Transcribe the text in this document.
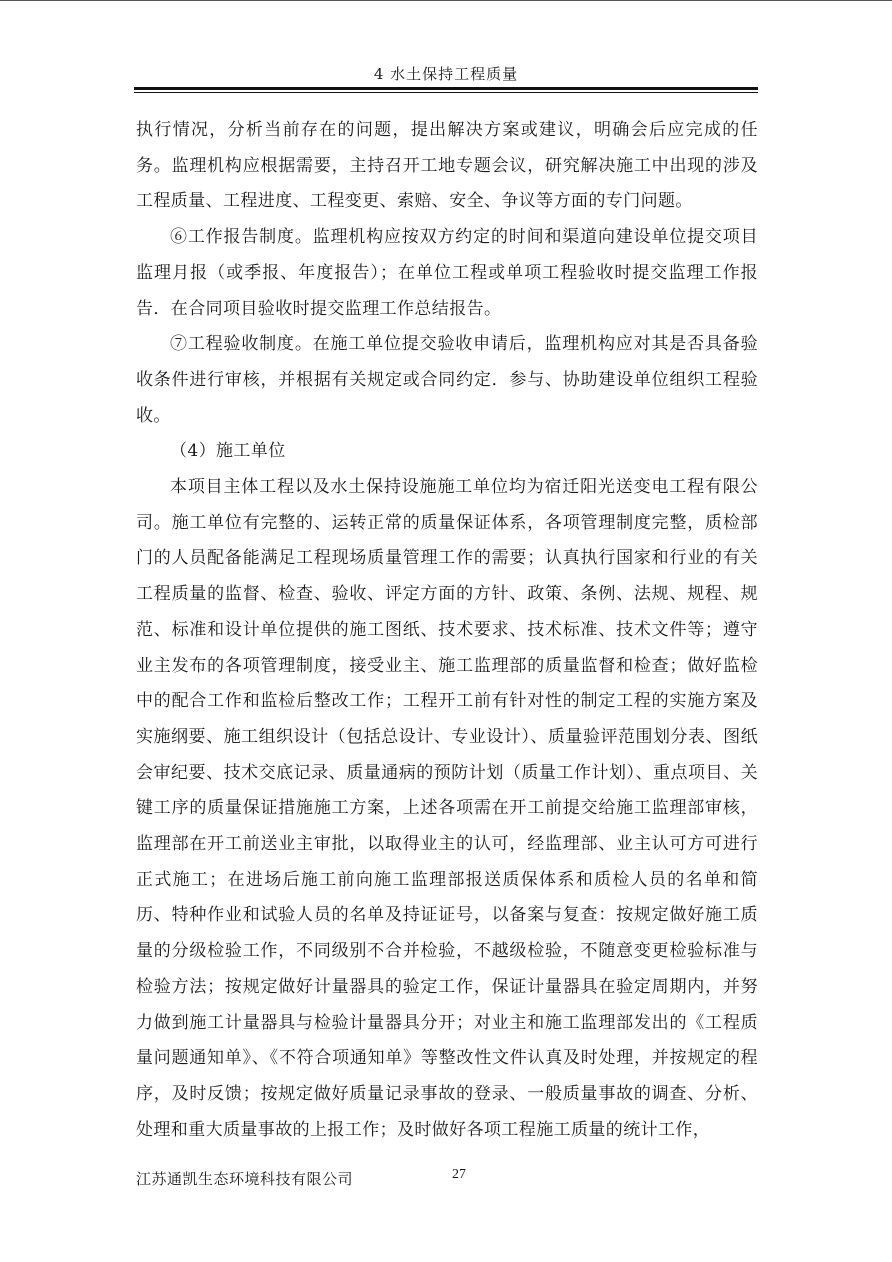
4 水土保持工程质量

执行情况，分析当前存在的问题，提出解决方案或建议，明确会后应完成的任务。监理机构应根据需要，主持召开工地专题会议，研究解决施工中出现的涉及工程质量、工程进度、工程变更、索赔、安全、争议等方面的专门问题。

⑥工作报告制度。监理机构应按双方约定的时间和渠道向建设单位提交项目监理月报（或季报、年度报告）；在单位工程或单项工程验收时提交监理工作报告．在合同项目验收时提交监理工作总结报告。

⑦工程验收制度。在施工单位提交验收申请后，监理机构应对其是否具备验收条件进行审核，并根据有关规定或合同约定．参与、协助建设单位组织工程验收。

（4）施工单位

本项目主体工程以及水土保持设施施工单位均为宿迁阳光送变电工程有限公司。施工单位有完整的、运转正常的质量保证体系，各项管理制度完整，质检部门的人员配备能满足工程现场质量管理工作的需要；认真执行国家和行业的有关工程质量的监督、检查、验收、评定方面的方针、政策、条例、法规、规程、规范、标准和设计单位提供的施工图纸、技术要求、技术标准、技术文件等；遵守业主发布的各项管理制度，接受业主、施工监理部的质量监督和检查；做好监检中的配合工作和监检后整改工作；工程开工前有针对性的制定工程的实施方案及实施纲要、施工组织设计（包括总设计、专业设计）、质量验评范围划分表、图纸会审纪要、技术交底记录、质量通病的预防计划（质量工作计划）、重点项目、关键工序的质量保证措施施工方案，上述各项需在开工前提交给施工监理部审核，监理部在开工前送业主审批，以取得业主的认可，经监理部、业主认可方可进行正式施工；在进场后施工前向施工监理部报送质保体系和质检人员的名单和简历、特种作业和试验人员的名单及持证证号，以备案与复查：按规定做好施工质量的分级检验工作，不同级别不合并检验，不越级检验，不随意变更检验标准与检验方法；按规定做好计量器具的验定工作，保证计量器具在验定周期内，并努力做到施工计量器具与检验计量器具分开；对业主和施工监理部发出的《工程质量问题通知单》、《不符合项通知单》等整改性文件认真及时处理，并按规定的程序，及时反馈；按规定做好质量记录事故的登录、一般质量事故的调查、分析、处理和重大质量事故的上报工作；及时做好各项工程施工质量的统计工作，

江苏通凯生态环境科技有限公司	27
